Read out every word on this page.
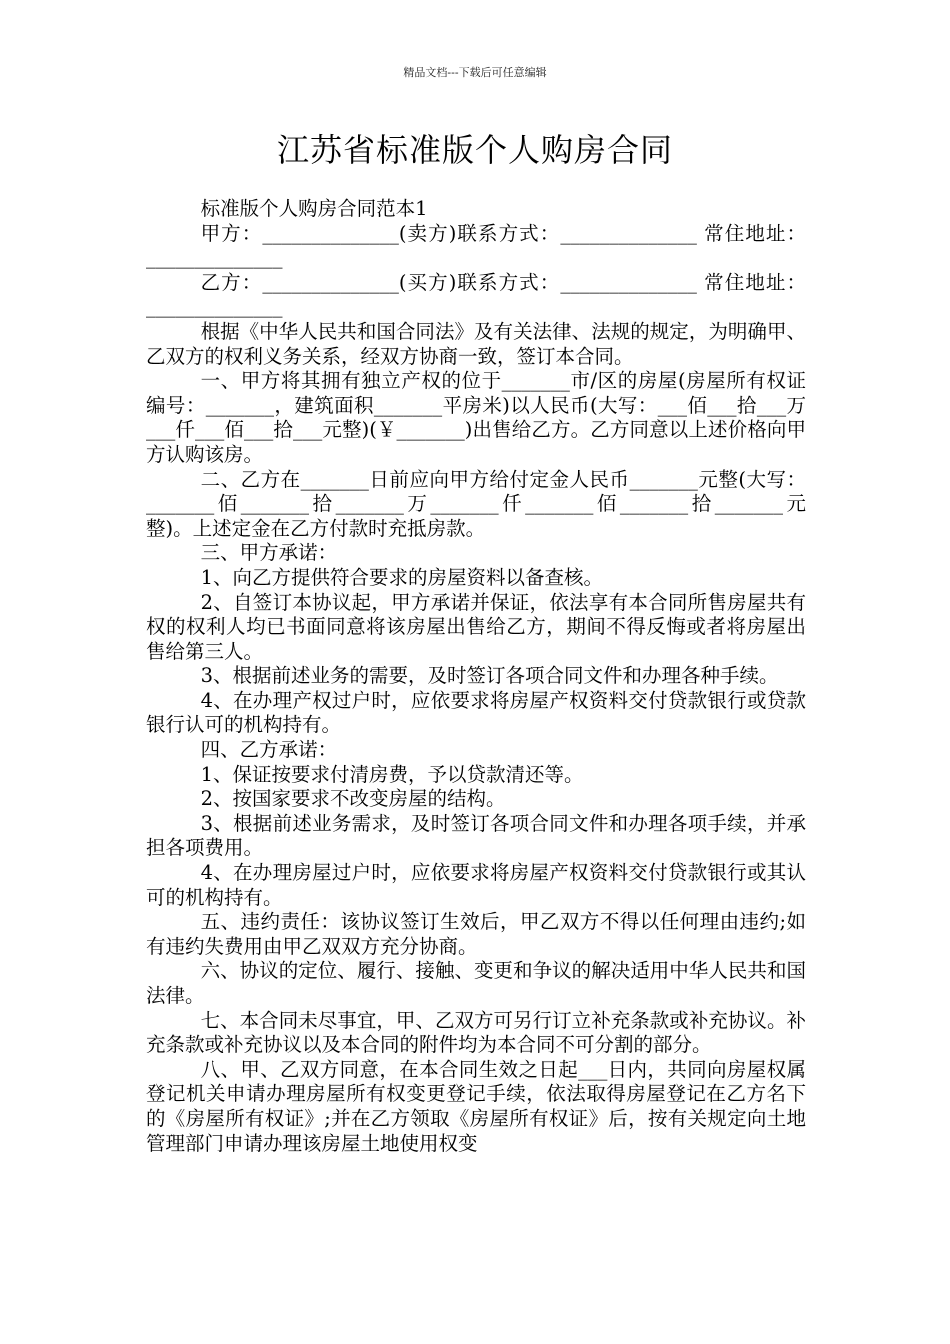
精品文档---下载后可任意编辑
江苏省标准版个人购房合同

标准版个人购房合同范本1

甲方：______________(卖方)联系方式：______________ 常住地址：______________

乙方：______________(买方)联系方式：______________ 常住地址：______________

根据《中华人民共和国合同法》及有关法律、法规的规定，为明确甲、乙双方的权利义务关系，经双方协商一致，签订本合同。

一、甲方将其拥有独立产权的位于_______市/区的房屋(房屋所有权证编号：_______，建筑面积_______平房米)以人民币(大写：___佰___拾___万___仟___佰___拾___元整)(￥_______)出售给乙方。乙方同意以上述价格向甲方认购该房。

二、乙方在_______日前应向甲方给付定金人民币_______元整(大写：_______佰_______拾_______万_______仟_______佰_______拾_______元整)。上述定金在乙方付款时充抵房款。

三、甲方承诺：

1、向乙方提供符合要求的房屋资料以备查核。

2、自签订本协议起，甲方承诺并保证，依法享有本合同所售房屋共有权的权利人均已书面同意将该房屋出售给乙方，期间不得反悔或者将房屋出售给第三人。

3、根据前述业务的需要，及时签订各项合同文件和办理各种手续。

4、在办理产权过户时，应依要求将房屋产权资料交付贷款银行或贷款银行认可的机构持有。

四、乙方承诺：

1、保证按要求付清房费，予以贷款清还等。

2、按国家要求不改变房屋的结构。

3、根据前述业务需求，及时签订各项合同文件和办理各项手续，并承担各项费用。

4、在办理房屋过户时，应依要求将房屋产权资料交付贷款银行或其认可的机构持有。

五、违约责任：该协议签订生效后，甲乙双方不得以任何理由违约;如有违约失费用由甲乙双双方充分协商。

六、协议的定位、履行、接触、变更和争议的解决适用中华人民共和国法律。

七、本合同未尽事宜，甲、乙双方可另行订立补充条款或补充协议。补充条款或补充协议以及本合同的附件均为本合同不可分割的部分。

八、甲、乙双方同意，在本合同生效之日起___日内，共同向房屋权属登记机关申请办理房屋所有权变更登记手续，依法取得房屋登记在乙方名下的《房屋所有权证》;并在乙方领取《房屋所有权证》后，按有关规定向土地管理部门申请办理该房屋土地使用权变
